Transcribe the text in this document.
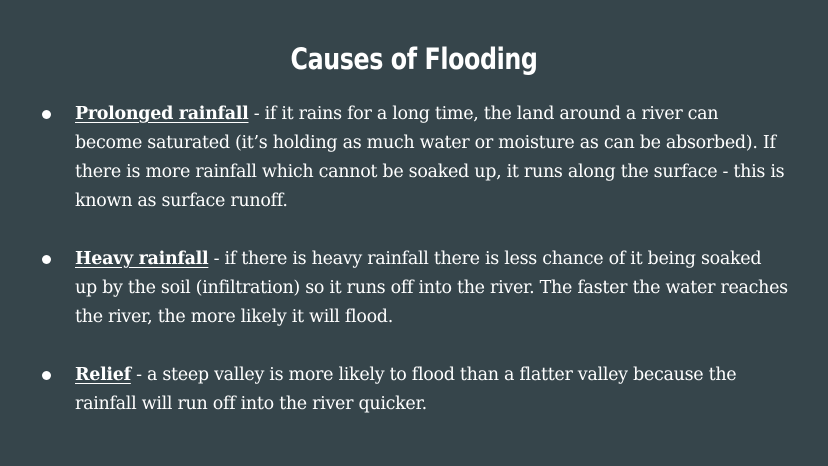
Causes of Flooding
Prolonged rainfall - if it rains for a long time, the land around a river can become saturated (it’s holding as much water or moisture as can be absorbed). If there is more rainfall which cannot be soaked up, it runs along the surface - this is known as surface runoff.
Heavy rainfall - if there is heavy rainfall there is less chance of it being soaked up by the soil (infiltration) so it runs off into the river. The faster the water reaches the river, the more likely it will flood.
Relief - a steep valley is more likely to flood than a flatter valley because the rainfall will run off into the river quicker.
